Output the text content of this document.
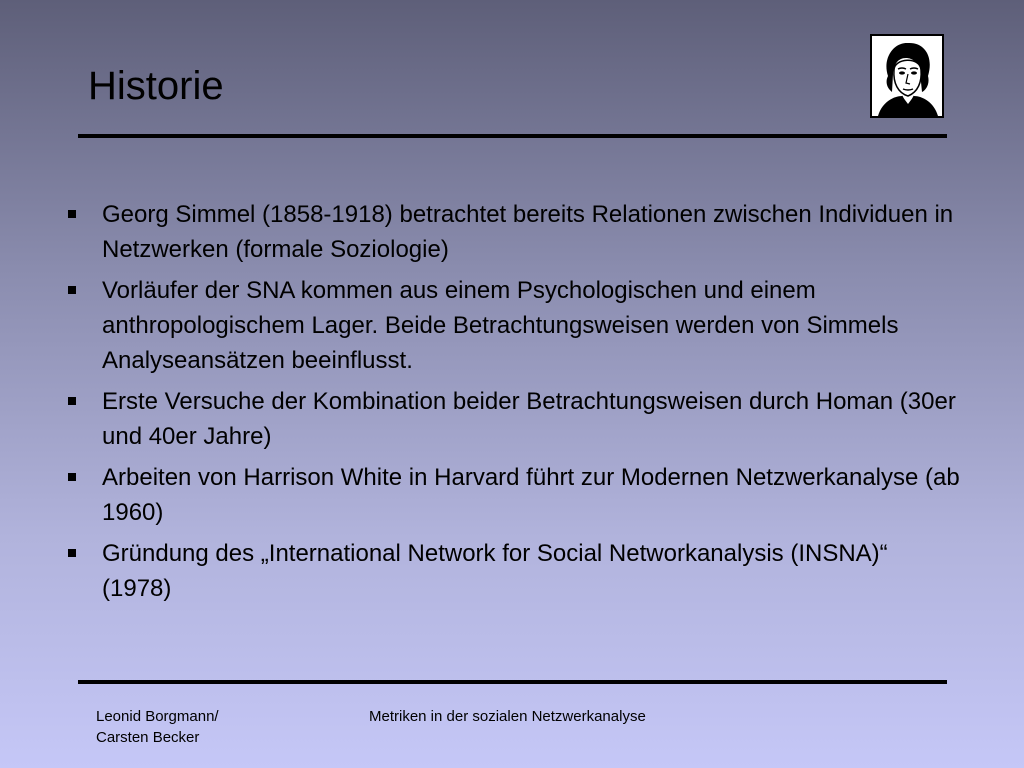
Historie
Georg Simmel (1858-1918) betrachtet bereits Relationen zwischen Individuen in Netzwerken (formale Soziologie)
Vorläufer der SNA kommen aus einem Psychologischen und einem anthropologischem Lager. Beide Betrachtungsweisen werden von Simmels Analyseansätzen beeinflusst.
Erste Versuche der Kombination beider Betrachtungsweisen durch Homan (30er und 40er Jahre)
Arbeiten von Harrison White in Harvard führt zur Modernen Netzwerkanalyse (ab 1960)
Gründung des „International Network for Social Networkanalysis (INSNA)“ (1978)
Leonid Borgmann/
Carsten Becker
Metriken in der sozialen Netzwerkanalyse
